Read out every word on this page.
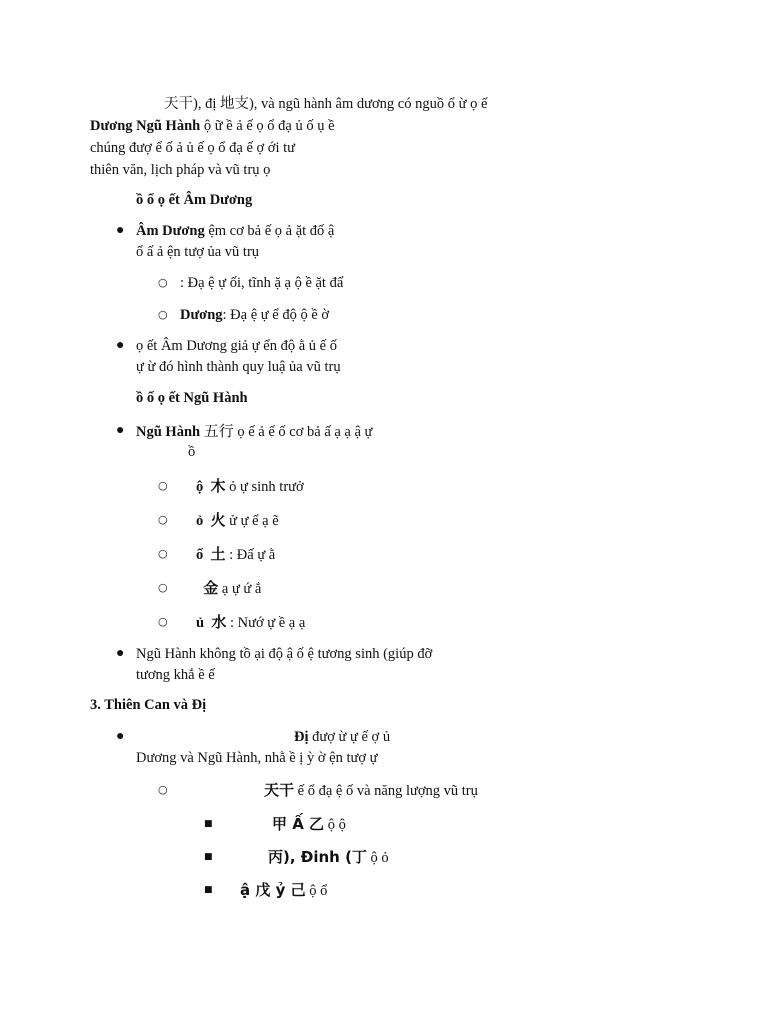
天干), đị 地支), và ngũ hành âm dương có nguồ ố ừ ọ ế
Dương Ngũ Hành ộ ữ ề ả ế ọ ổ đạ ủ ố ụ ề
chúng đượ ể ố ả ủ ế ọ ổ đạ ế ợ ới tư
thiên văn, lịch pháp và vũ trụ ọ
ồ ố ọ ết Âm Dương
● Âm Dương ệm cơ bả ế ọ ả ặt đố ậ
ổ ấ ả ện tượ ủa vũ trụ
○ : Đạ ệ ự ối, tĩnh ặ ạ ộ ề ặt đấ
○ Dương: Đạ ệ ự ể độ ộ ề ờ
● ọ ết Âm Dương giả ự ển độ ằ ủ ế ố
ự ừ đó hình thành quy luậ ủa vũ trụ
ồ ố ọ ết Ngũ Hành
● Ngũ Hành 五行 ọ ế ả ế ố cơ bả ấ ạ ạ ậ ự
ồ
○ ộ 木 ỏ ự sinh trưở
○ ỏ 火 ử ự ể ạ ẽ
○ ổ 土 : Đấ ự ằ
○	金 ạ ự ứ ắ
○ ủ 水 : Nướ ự ề ạ ạ
● Ngũ Hành không tồ ại độ ậ ố ệ tương sinh (giúp đỡ
tương khắ ề ế
3. Thiên Can và Đị
●	Đị đượ ừ ự ế ợ ủ
Dương và Ngũ Hành, nhằ ề ị ỳ ờ ện tượ ự
○	天干 ế ổ đạ ệ ố và năng lượng vũ trụ
■	甲 Ấ 乙 ộ ộ
■	丙), Đinh (丁 ộ ỏ
■ ậ 戊 ỷ 己 ộ ổ
